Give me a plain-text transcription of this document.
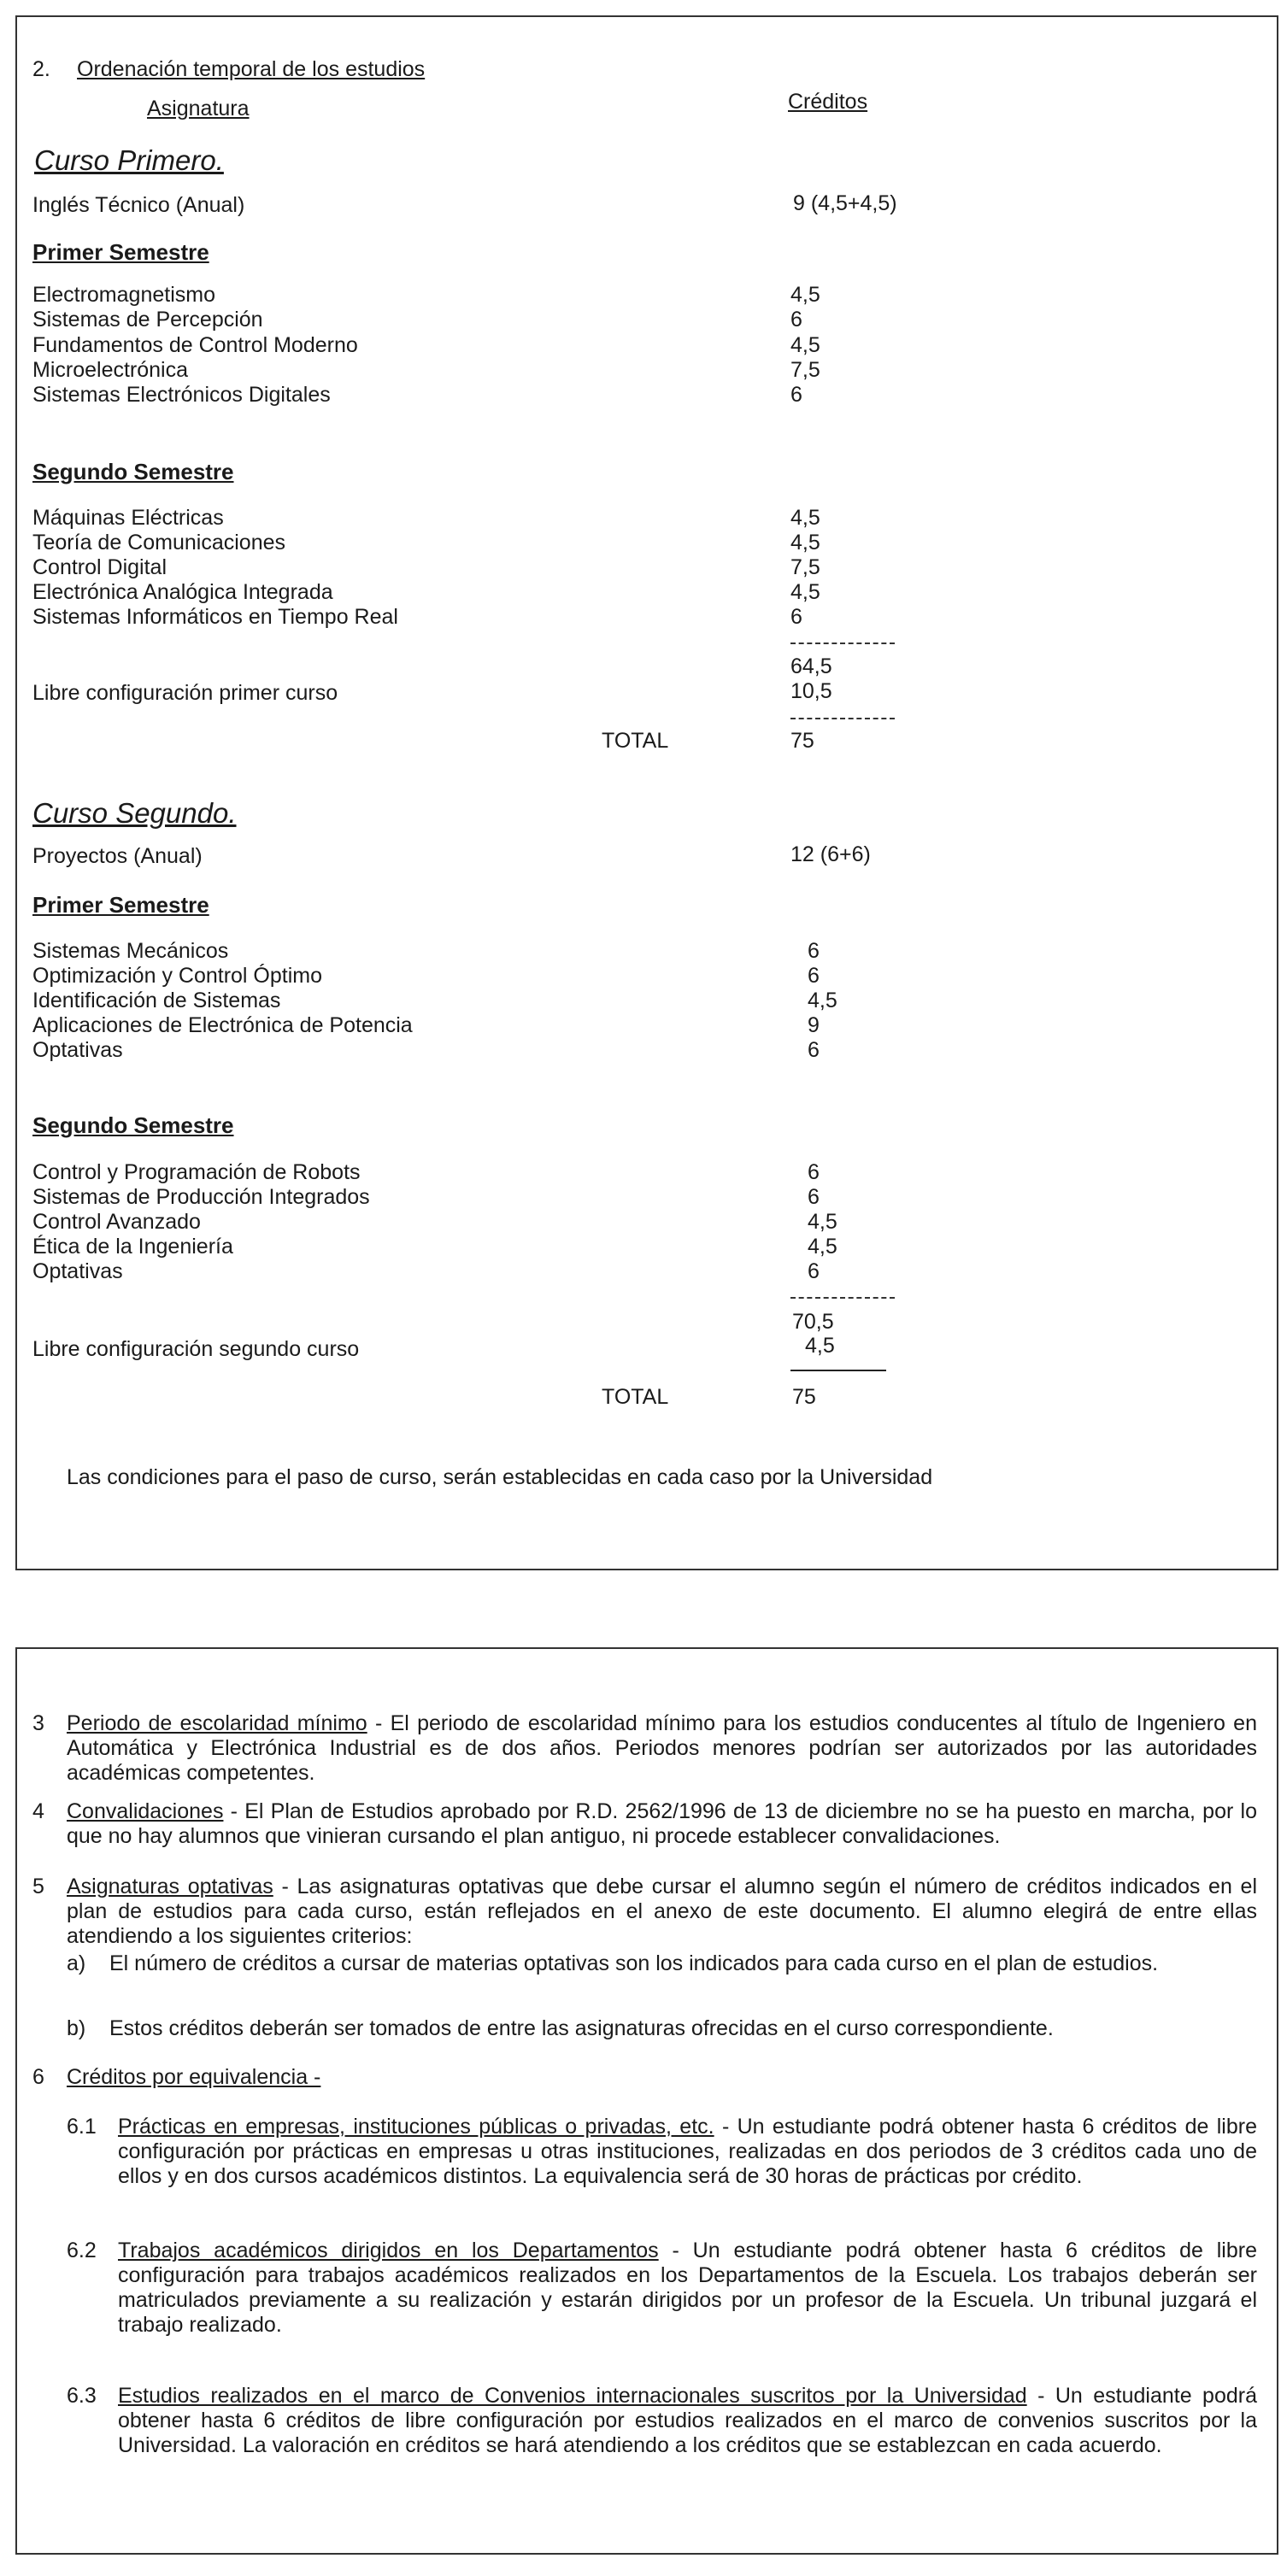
2. Ordenación temporal de los estudios
Asignatura	Créditos
Curso Primero.
Inglés Técnico (Anual)	9 (4,5+4,5)
Primer Semestre
Electromagnetismo	4,5
Sistemas de Percepción	6
Fundamentos de Control Moderno	4,5
Microelectrónica	7,5
Sistemas Electrónicos Digitales	6
Segundo Semestre
Máquinas Eléctricas	4,5
Teoría de Comunicaciones	4,5
Control Digital	7,5
Electrónica Analógica Integrada	4,5
Sistemas Informáticos en Tiempo Real	6
64,5
Libre configuración primer curso	10,5
TOTAL	75
Curso Segundo.
Proyectos (Anual)	12 (6+6)
Primer Semestre
Sistemas Mecánicos	6
Optimización y Control Óptimo	6
Identificación de Sistemas	4,5
Aplicaciones de Electrónica de Potencia	9
Optativas	6
Segundo Semestre
Control y Programación de Robots	6
Sistemas de Producción Integrados	6
Control Avanzado	4,5
Ética de la Ingeniería	4,5
Optativas	6
70,5
Libre configuración segundo curso	4,5
TOTAL	75
Las condiciones para el paso de curso, serán establecidas en cada caso por la Universidad
3 Periodo de escolaridad mínimo - El periodo de escolaridad mínimo para los estudios conducentes al título de Ingeniero en Automática y Electrónica Industrial es de dos años. Periodos menores podrían ser autorizados por las autoridades académicas competentes.
4 Convalidaciones - El Plan de Estudios aprobado por R.D. 2562/1996 de 13 de diciembre no se ha puesto en marcha, por lo que no hay alumnos que vinieran cursando el plan antiguo, ni procede establecer convalidaciones.
5 Asignaturas optativas - Las asignaturas optativas que debe cursar el alumno según el número de créditos indicados en el plan de estudios para cada curso, están reflejados en el anexo de este documento. El alumno elegirá de entre ellas atendiendo a los siguientes criterios:
a) El número de créditos a cursar de materias optativas son los indicados para cada curso en el plan de estudios.
b) Estos créditos deberán ser tomados de entre las asignaturas ofrecidas en el curso correspondiente.
6 Créditos por equivalencia -
6.1 Prácticas en empresas, instituciones públicas o privadas, etc. - Un estudiante podrá obtener hasta 6 créditos de libre configuración por prácticas en empresas u otras instituciones, realizadas en dos periodos de 3 créditos cada uno de ellos y en dos cursos académicos distintos. La equivalencia será de 30 horas de prácticas por crédito.
6.2 Trabajos académicos dirigidos en los Departamentos - Un estudiante podrá obtener hasta 6 créditos de libre configuración para trabajos académicos realizados en los Departamentos de la Escuela. Los trabajos deberán ser matriculados previamente a su realización y estarán dirigidos por un profesor de la Escuela. Un tribunal juzgará el trabajo realizado.
6.3 Estudios realizados en el marco de Convenios internacionales suscritos por la Universidad - Un estudiante podrá obtener hasta 6 créditos de libre configuración por estudios realizados en el marco de convenios suscritos por la Universidad. La valoración en créditos se hará atendiendo a los créditos que se establezcan en cada acuerdo.
